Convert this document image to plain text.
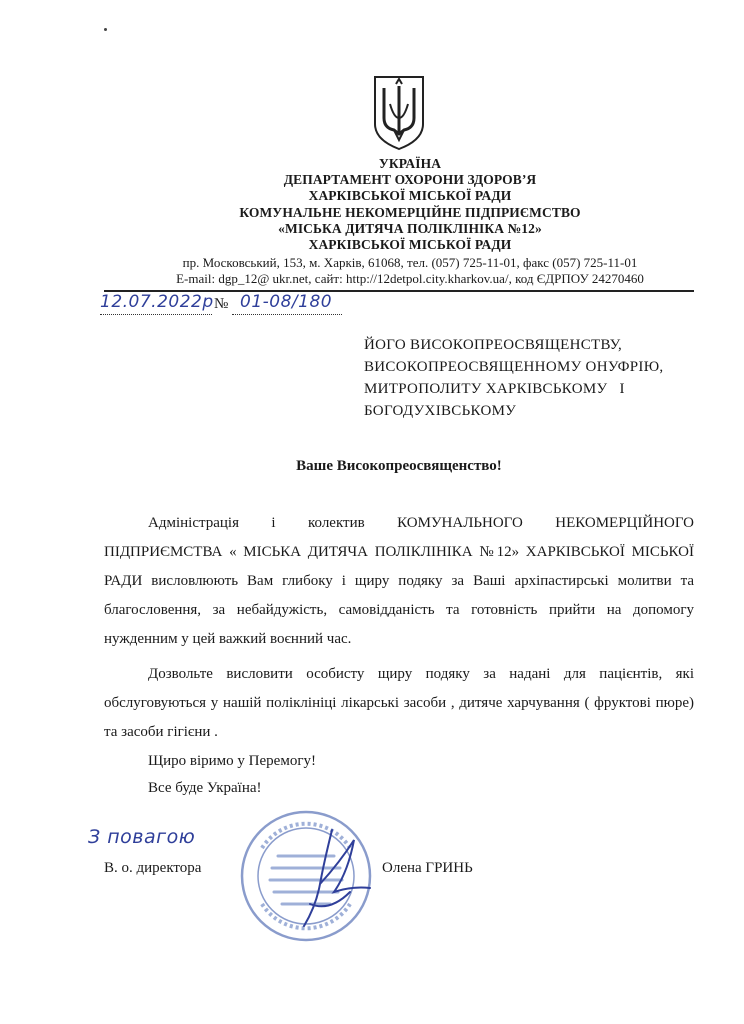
УКРАЇНА
ДЕПАРТАМЕНТ ОХОРОНИ ЗДОРОВ’Я
ХАРКІВСЬКОЇ МІСЬКОЇ РАДИ
КОМУНАЛЬНЕ НЕКОМЕРЦІЙНЕ ПІДПРИЄМСТВО
«МІСЬКА ДИТЯЧА ПОЛІКЛІНІКА №12»
ХАРКІВСЬКОЇ МІСЬКОЇ РАДИ
пр. Московський, 153, м. Харків, 61068, тел. (057) 725-11-01, факс (057) 725-11-01
E-mail: dgp_12@ ukr.net, сайт: http://12detpol.city.kharkov.ua/, код ЄДРПОУ 24270460
12.07.2022р № 01-08/180
ЙОГО ВИСОКОПРЕОСВЯЩЕНСТВУ,
ВИСОКОПРЕОСВЯЩЕННОМУ ОНУФРІЮ,
МИТРОПОЛИТУ ХАРКІВСЬКОМУ   І
БОГОДУХІВСЬКОМУ
Ваше Високопреосвященство!

Адміністрація і колектив КОМУНАЛЬНОГО НЕКОМЕРЦІЙНОГО ПІДПРИЄМСТВА « МІСЬКА ДИТЯЧА ПОЛІКЛІНІКА №12» ХАРКІВСЬКОЇ МІСЬКОЇ РАДИ висловлюють Вам глибоку і щиру подяку за Ваші архіпастирські молитви та благословення, за небайдужість, самовідданість та готовність прийти на допомогу нужденним у цей важкий воєнний час.

Дозвольте висловити особисту щиру подяку за надані для пацієнтів, які обслуговуються у нашій поліклініці лікарські засоби , дитяче харчування ( фруктові пюре) та засоби гігієни .

Щиро віримо у Перемогу!
Все буде Україна!
З повагою
В. о. директора	Олена ГРИНЬ
